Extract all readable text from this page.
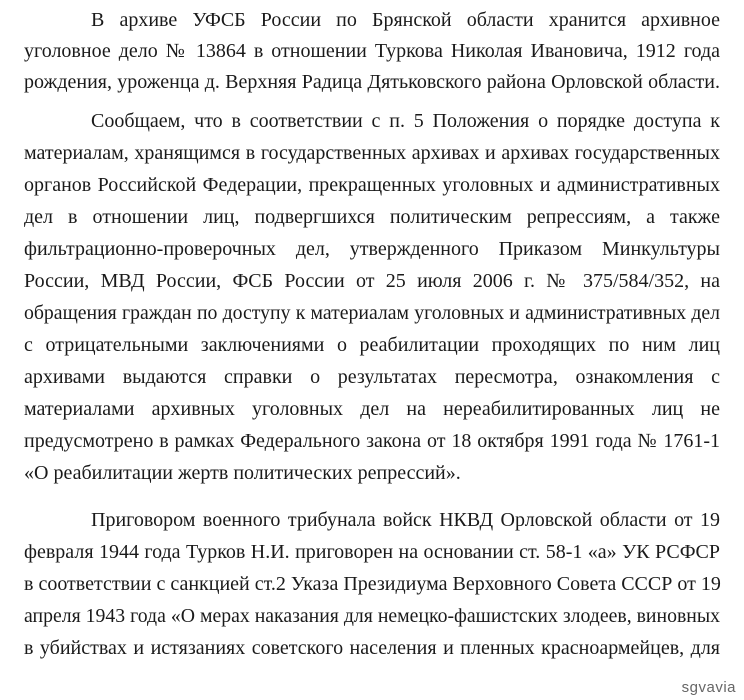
В архиве УФСБ России по Брянской области хранится архивное
уголовное дело № 13864 в отношении Туркова Николая Ивановича, 1912 года
рождения, уроженца д. Верхняя Радица Дятьковского района Орловской области.
Сообщаем, что в соответствии с п. 5 Положения о порядке доступа к
материалам, хранящимся в государственных архивах и архивах государственных
органов Российской Федерации, прекращенных уголовных и административных
дел в отношении лиц, подвергшихся политическим репрессиям, а также
фильтрационно-проверочных дел, утвержденного Приказом Минкультуры
России, МВД России, ФСБ России от 25 июля 2006 г. № 375/584/352, на
обращения граждан по доступу к материалам уголовных и административных дел
с отрицательными заключениями о реабилитации проходящих по ним лиц
архивами выдаются справки о результатах пересмотра, ознакомления с
материалами архивных уголовных дел на нереабилитированных лиц не
предусмотрено в рамках Федерального закона от 18 октября 1991 года № 1761-1
«О реабилитации жертв политических репрессий».
Приговором военного трибунала войск НКВД Орловской области от 19
февраля 1944 года Турков Н.И. приговорен на основании ст. 58-1 «а» УК РСФСР
в соответствии с санкцией ст.2 Указа Президиума Верховного Совета СССР от 19
апреля 1943 года «О мерах наказания для немецко-фашистских злодеев, виновных
в убийствах и истязаниях советского населения и пленных красноармейцев, для
sgvavia
